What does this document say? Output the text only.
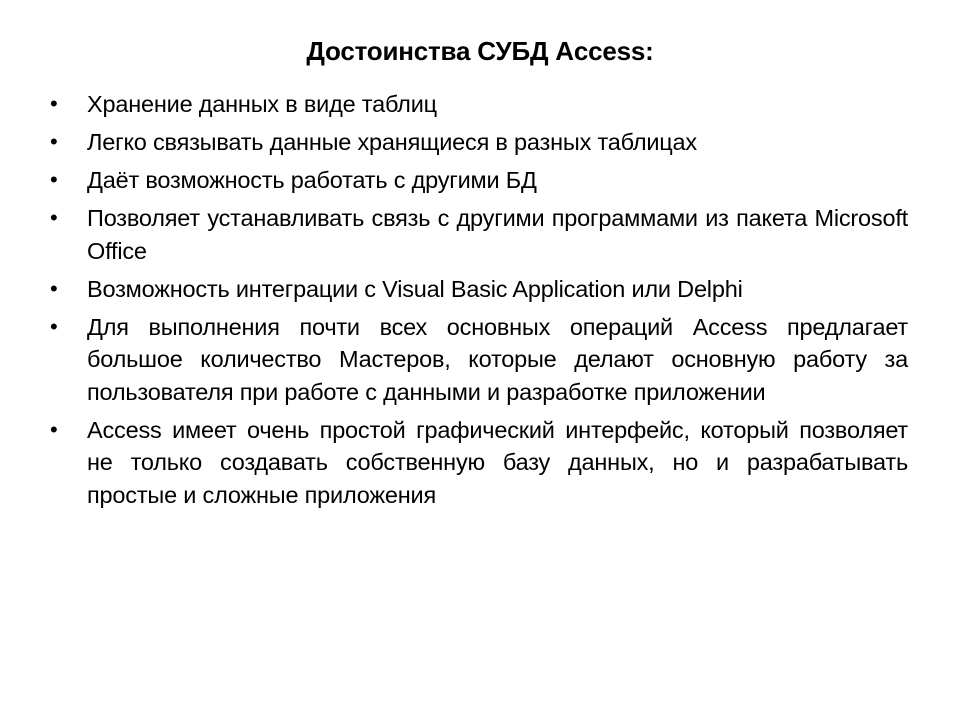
Достоинства СУБД Access:
• Хранение данных в виде таблиц
• Легко связывать данные хранящиеся в разных таблицах
• Даёт возможность работать с другими БД
• Позволяет устанавливать связь с другими программами из пакета Microsoft Office
• Возможность интеграции с Visual Basic Application или Delphi
• Для выполнения почти всех основных операций Access предлагает большое количество Мастеров, которые делают основную работу за пользователя при работе с данными и разработке приложении
• Access имеет очень простой графический интерфейс, который позволяет не только создавать собственную базу данных, но и разрабатывать простые и сложные приложения
